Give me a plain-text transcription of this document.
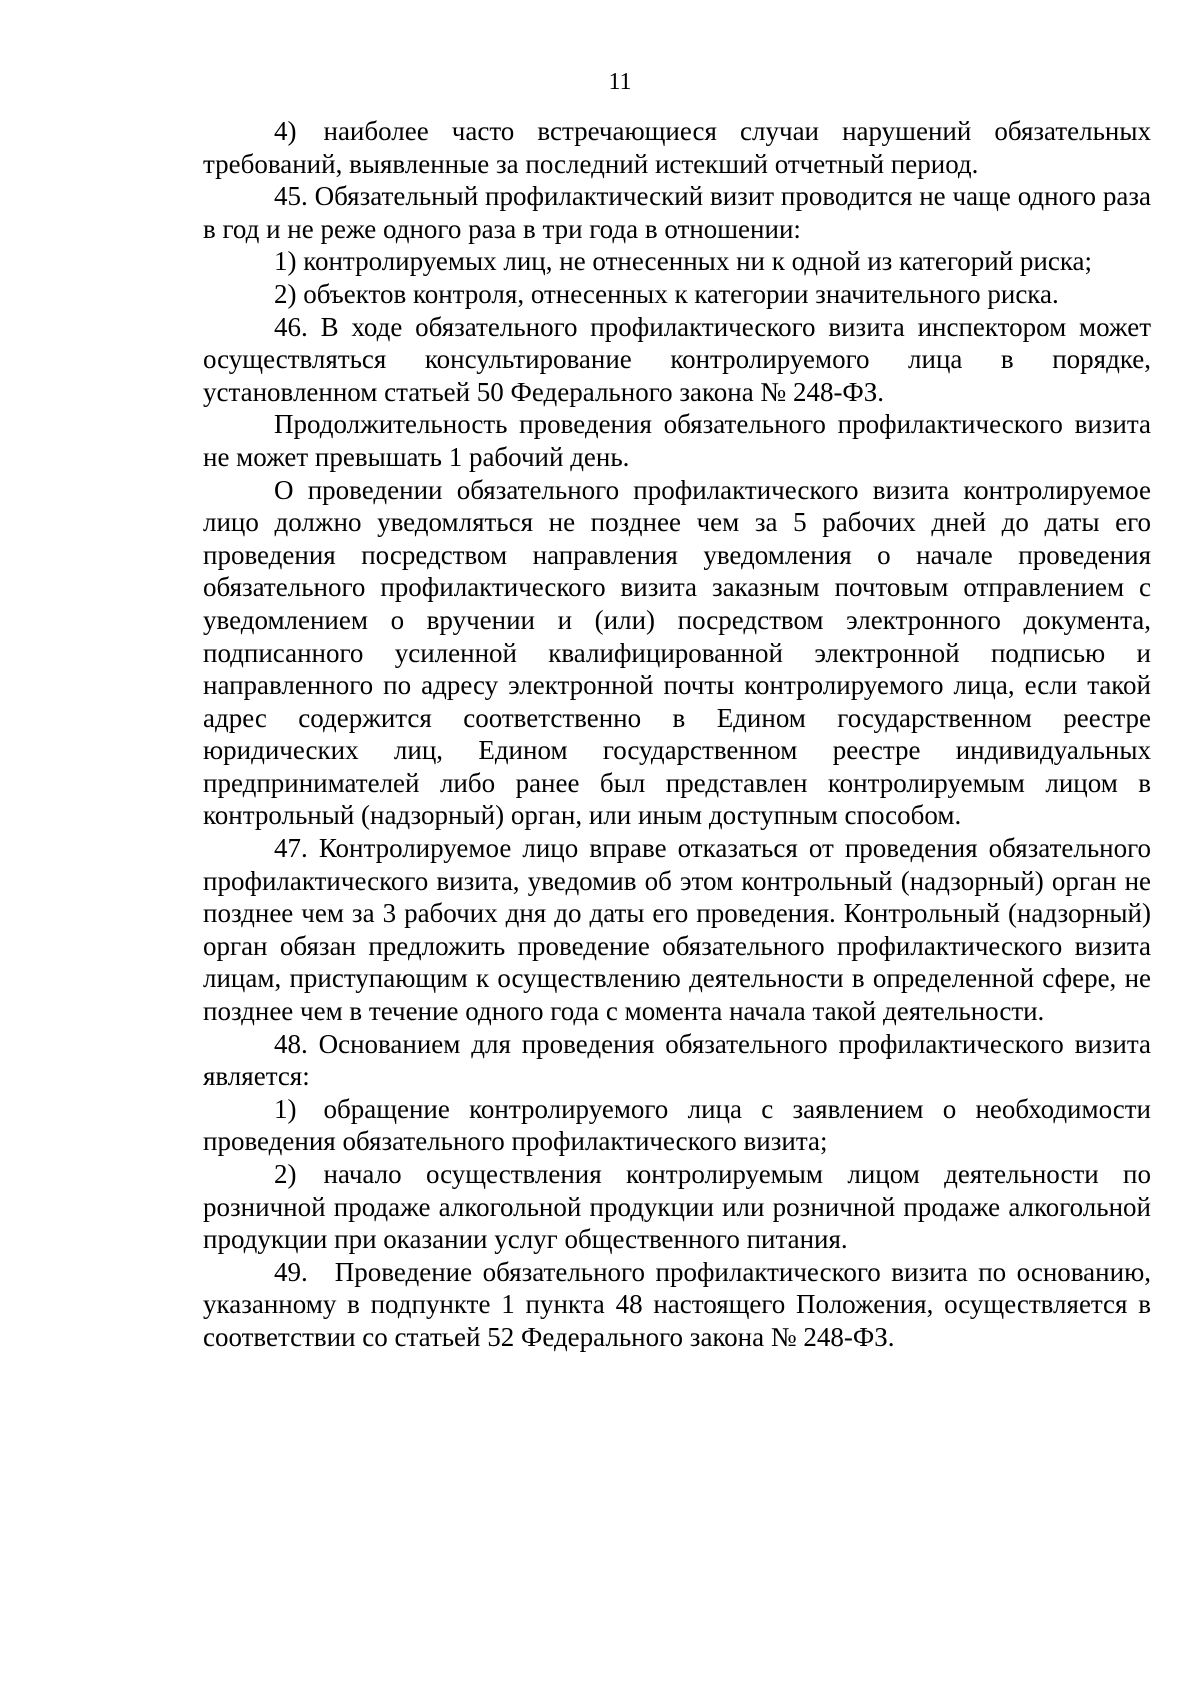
11

4) наиболее часто встречающиеся случаи нарушений обязательных требований, выявленные за последний истекший отчетный период.

45. Обязательный профилактический визит проводится не чаще одного раза в год и не реже одного раза в три года в отношении:

1) контролируемых лиц, не отнесенных ни к одной из категорий риска;

2) объектов контроля, отнесенных к категории значительного риска.

46. В ходе обязательного профилактического визита инспектором может осуществляться консультирование контролируемого лица в порядке, установленном статьей 50 Федерального закона № 248-ФЗ.

Продолжительность проведения обязательного профилактического визита не может превышать 1 рабочий день.

О проведении обязательного профилактического визита контролируемое лицо должно уведомляться не позднее чем за 5 рабочих дней до даты его проведения посредством направления уведомления о начале проведения обязательного профилактического визита заказным почтовым отправлением с уведомлением о вручении и (или) посредством электронного документа, подписанного усиленной квалифицированной электронной подписью и направленного по адресу электронной почты контролируемого лица, если такой адрес содержится соответственно в Едином государственном реестре юридических лиц, Едином государственном реестре индивидуальных предпринимателей либо ранее был представлен контролируемым лицом в контрольный (надзорный) орган, или иным доступным способом.

47. Контролируемое лицо вправе отказаться от проведения обязательного профилактического визита, уведомив об этом контрольный (надзорный) орган не позднее чем за 3 рабочих дня до даты его проведения. Контрольный (надзорный) орган обязан предложить проведение обязательного профилактического визита лицам, приступающим к осуществлению деятельности в определенной сфере, не позднее чем в течение одного года с момента начала такой деятельности.

48. Основанием для проведения обязательного профилактического визита является:

1) обращение контролируемого лица с заявлением о необходимости проведения обязательного профилактического визита;

2) начало осуществления контролируемым лицом деятельности по розничной продаже алкогольной продукции или розничной продаже алкогольной продукции при оказании услуг общественного питания.

49. Проведение обязательного профилактического визита по основанию, указанному в подпункте 1 пункта 48 настоящего Положения, осуществляется в соответствии со статьей 52 Федерального закона № 248-ФЗ.
